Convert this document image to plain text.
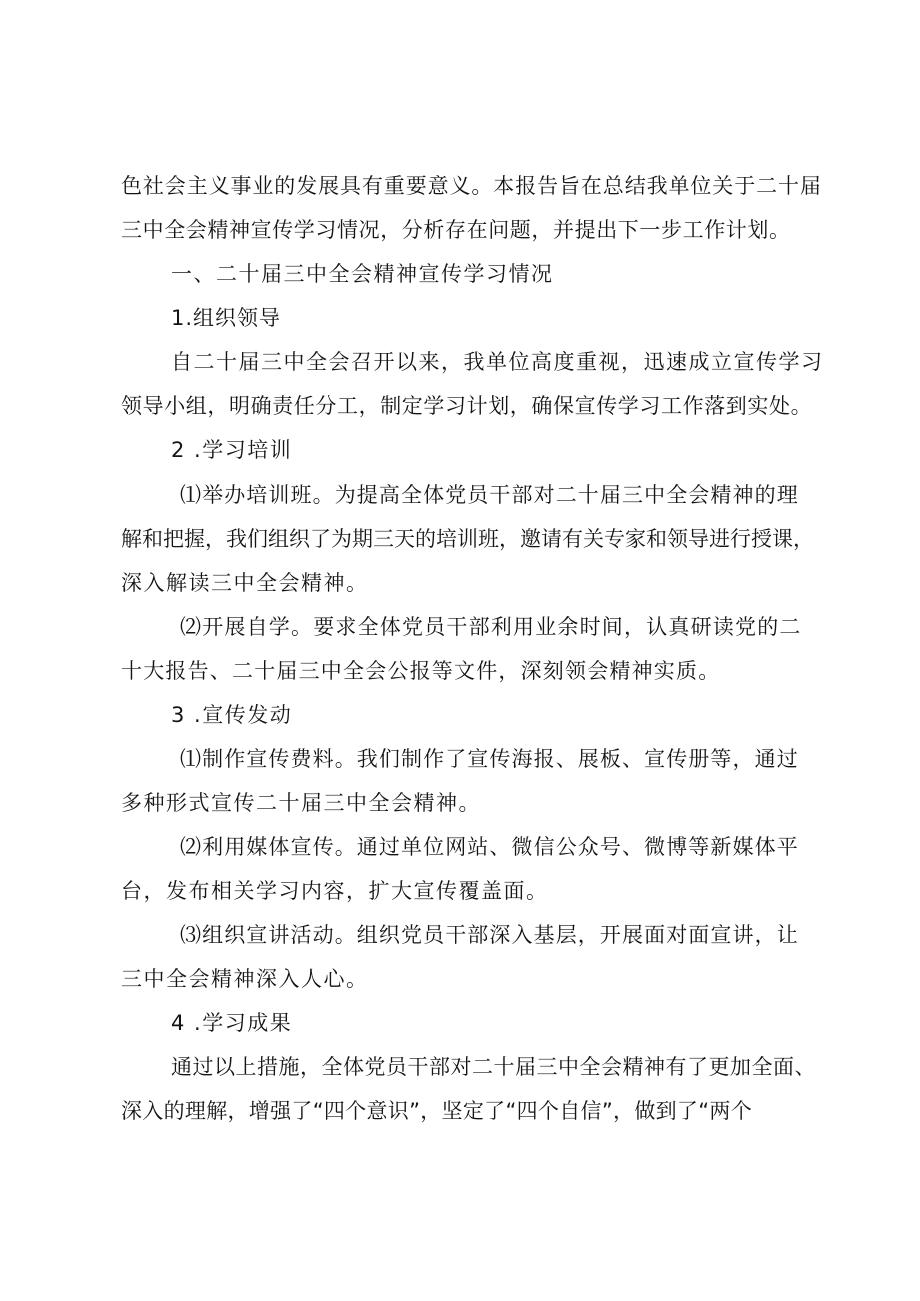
色社会主义事业的发展具有重要意义。本报告旨在总结我单位关于二十届
三中全会精神宣传学习情况，分析存在问题，并提出下一步工作计划。
一、二十届三中全会精神宣传学习情况
1.组织领导
自二十届三中全会召开以来，我单位高度重视，迅速成立宣传学习
领导小组，明确责任分工，制定学习计划，确保宣传学习工作落到实处。
2 .学习培训
⑴举办培训班。为提高全体党员干部对二十届三中全会精神的理
解和把握，我们组织了为期三天的培训班，邀请有关专家和领导进行授课，
深入解读三中全会精神。
⑵开展自学。要求全体党员干部利用业余时间，认真研读党的二
十大报告、二十届三中全会公报等文件，深刻领会精神实质。
3 .宣传发动
⑴制作宣传费料。我们制作了宣传海报、展板、宣传册等，通过
多种形式宣传二十届三中全会精神。
⑵利用媒体宣传。通过单位网站、微信公众号、微博等新媒体平
台，发布相关学习内容，扩大宣传覆盖面。
⑶组织宣讲活动。组织党员干部深入基层，开展面对面宣讲，让
三中全会精神深入人心。
4 .学习成果
通过以上措施，全体党员干部对二十届三中全会精神有了更加全面、
深入的理解，增强了“四个意识”，坚定了“四个自信”，做到了“两个
